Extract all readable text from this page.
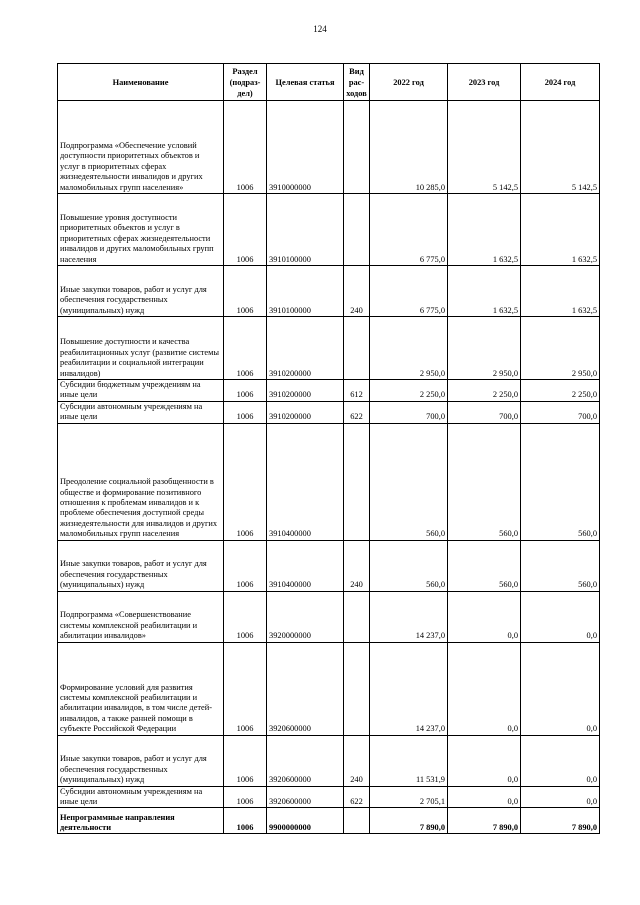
124
Наименование	Раздел (подраз-дел)	Целевая статья	Вид рас-ходов	2022 год	2023 год	2024 год
Подпрограмма «Обеспечение условий доступности приоритетных объектов и услуг в приоритетных сферах жизнедеятельности инвалидов и других маломобильных групп населения»	1006	3910000000		10 285,0	5 142,5	5 142,5
Повышение уровня доступности приоритетных объектов и услуг в приоритетных сферах жизнедеятельности инвалидов и других маломобильных групп населения	1006	3910100000		6 775,0	1 632,5	1 632,5
Иные закупки товаров, работ и услуг для обеспечения государственных (муниципальных) нужд	1006	3910100000	240	6 775,0	1 632,5	1 632,5
Повышение доступности и качества реабилитационных услуг (развитие системы реабилитации и социальной интеграции инвалидов)	1006	3910200000		2 950,0	2 950,0	2 950,0
Субсидии бюджетным учреждениям на иные цели	1006	3910200000	612	2 250,0	2 250,0	2 250,0
Субсидии автономным учреждениям на иные цели	1006	3910200000	622	700,0	700,0	700,0
Преодоление социальной разобщенности в обществе и формирование позитивного отношения к проблемам инвалидов и к проблеме обеспечения доступной среды жизнедеятельности для инвалидов и других маломобильных групп населения	1006	3910400000		560,0	560,0	560,0
Иные закупки товаров, работ и услуг для обеспечения государственных (муниципальных) нужд	1006	3910400000	240	560,0	560,0	560,0
Подпрограмма «Совершенствование системы комплексной реабилитации и абилитации инвалидов»	1006	3920000000		14 237,0	0,0	0,0
Формирование условий для развития системы комплексной реабилитации и абилитации инвалидов, в том числе детей-инвалидов, а также ранней помощи в субъекте Российской Федерации	1006	3920600000		14 237,0	0,0	0,0
Иные закупки товаров, работ и услуг для обеспечения государственных (муниципальных) нужд	1006	3920600000	240	11 531,9	0,0	0,0
Субсидии автономным учреждениям на иные цели	1006	3920600000	622	2 705,1	0,0	0,0
Непрограммные направления деятельности	1006	9900000000		7 890,0	7 890,0	7 890,0
